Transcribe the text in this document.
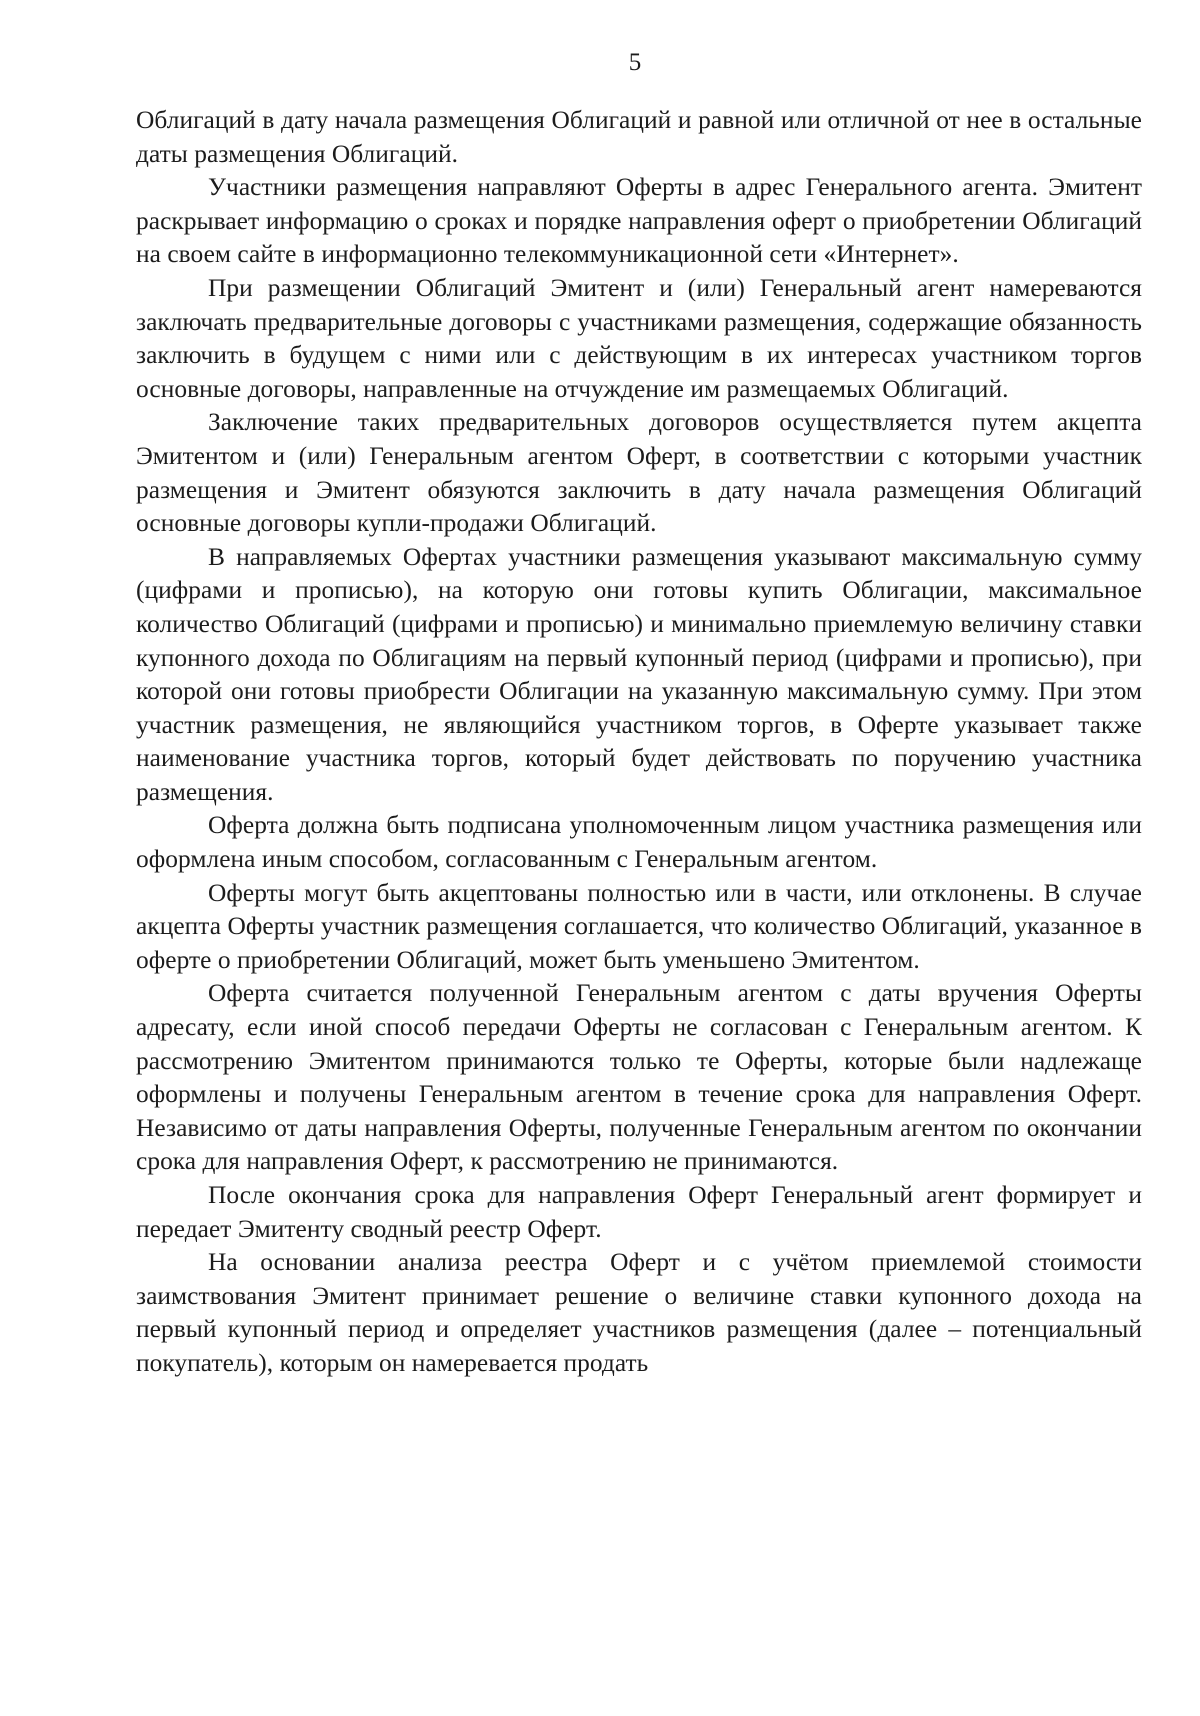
5

Облигаций в дату начала размещения Облигаций и равной или отличной от нее в остальные даты размещения Облигаций.

Участники размещения направляют Оферты в адрес Генерального агента. Эмитент раскрывает информацию о сроках и порядке направления оферт о приобретении Облигаций на своем сайте в информационно телекоммуникационной сети «Интернет».

При размещении Облигаций Эмитент и (или) Генеральный агент намереваются заключать предварительные договоры с участниками размещения, содержащие обязанность заключить в будущем с ними или с действующим в их интересах участником торгов основные договоры, направленные на отчуждение им размещаемых Облигаций.

Заключение таких предварительных договоров осуществляется путем акцепта Эмитентом и (или) Генеральным агентом Оферт, в соответствии с которыми участник размещения и Эмитент обязуются заключить в дату начала размещения Облигаций основные договоры купли-продажи Облигаций.

В направляемых Офертах участники размещения указывают максимальную сумму (цифрами и прописью), на которую они готовы купить Облигации, максимальное количество Облигаций (цифрами и прописью) и минимально приемлемую величину ставки купонного дохода по Облигациям на первый купонный период (цифрами и прописью), при которой они готовы приобрести Облигации на указанную максимальную сумму. При этом участник размещения, не являющийся участником торгов, в Оферте указывает также наименование участника торгов, который будет действовать по поручению участника размещения.

Оферта должна быть подписана уполномоченным лицом участника размещения или оформлена иным способом, согласованным с Генеральным агентом.

Оферты могут быть акцептованы полностью или в части, или отклонены. В случае акцепта Оферты участник размещения соглашается, что количество Облигаций, указанное в оферте о приобретении Облигаций, может быть уменьшено Эмитентом.

Оферта считается полученной Генеральным агентом с даты вручения Оферты адресату, если иной способ передачи Оферты не согласован с Генеральным агентом. К рассмотрению Эмитентом принимаются только те Оферты, которые были надлежаще оформлены и получены Генеральным агентом в течение срока для направления Оферт. Независимо от даты направления Оферты, полученные Генеральным агентом по окончании срока для направления Оферт, к рассмотрению не принимаются.

После окончания срока для направления Оферт Генеральный агент формирует и передает Эмитенту сводный реестр Оферт.

На основании анализа реестра Оферт и с учётом приемлемой стоимости заимствования Эмитент принимает решение о величине ставки купонного дохода на первый купонный период и определяет участников размещения (далее – потенциальный покупатель), которым он намеревается продать
